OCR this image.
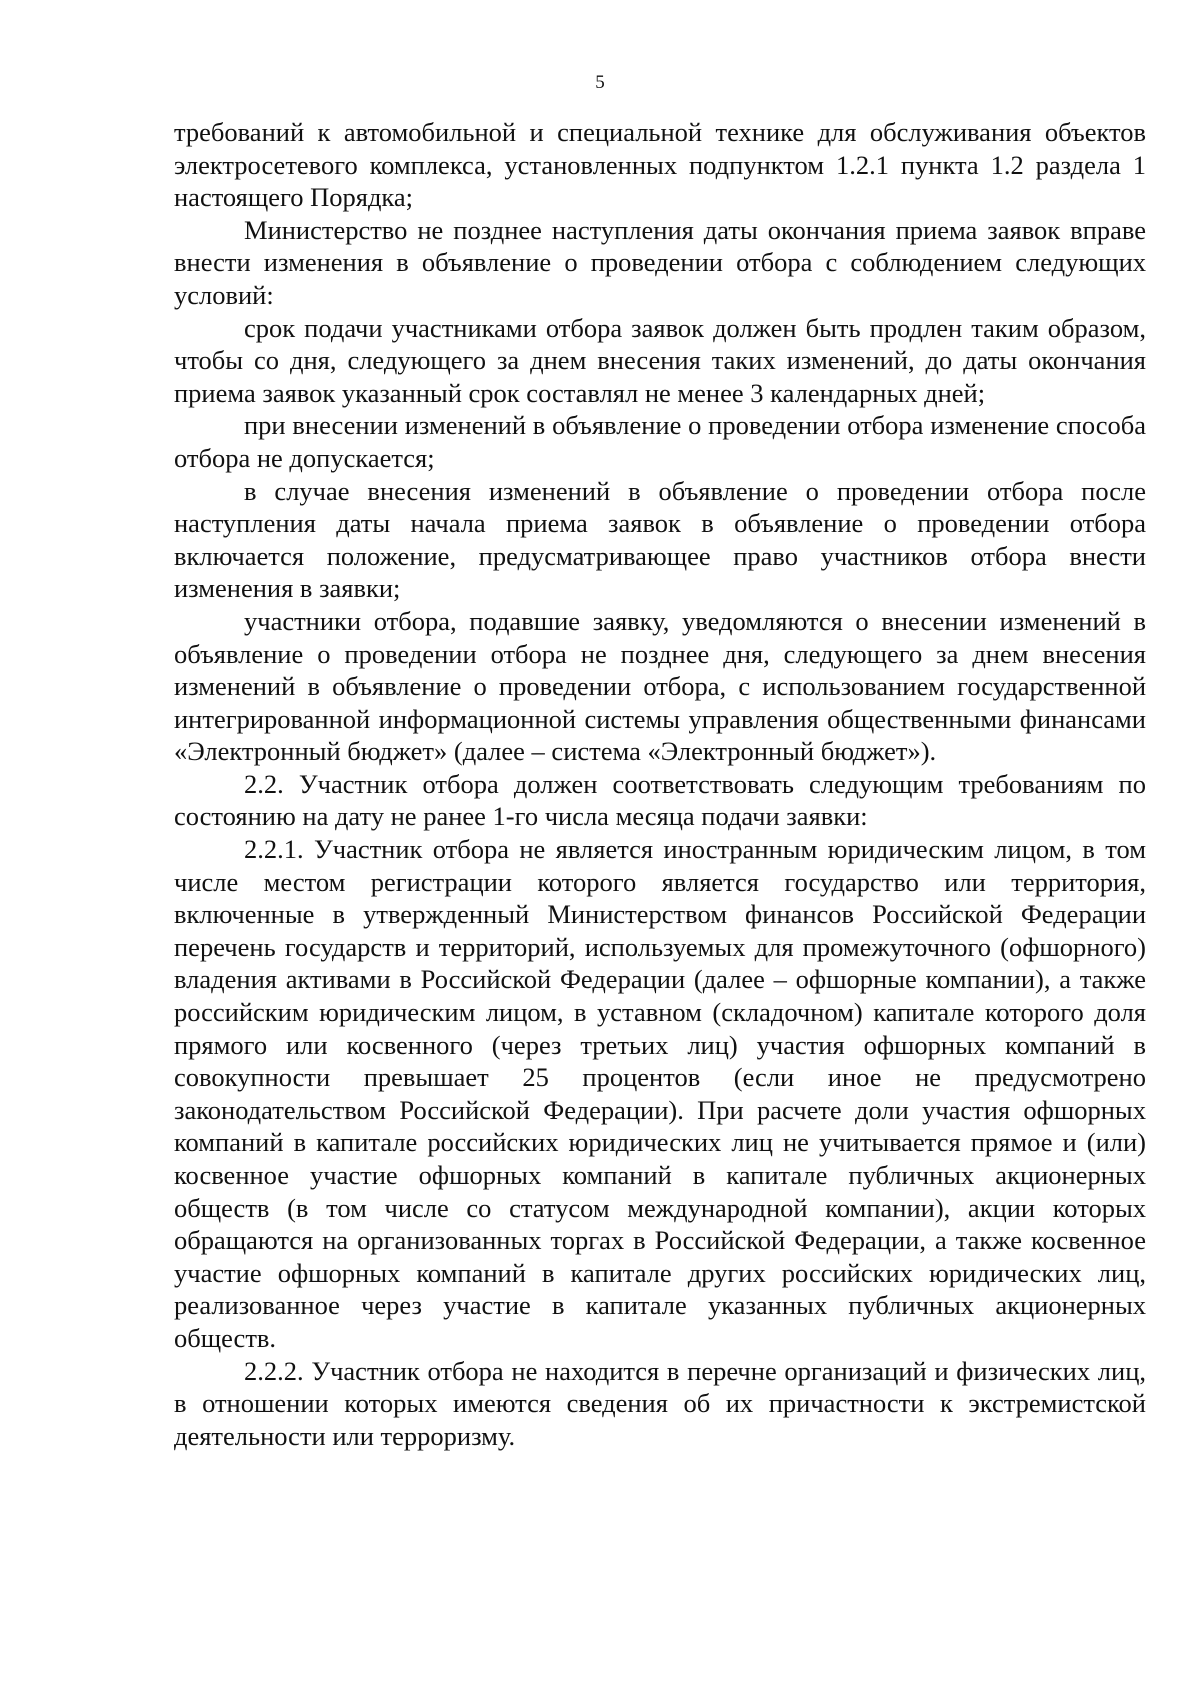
5

требований к автомобильной и специальной технике для обслуживания объектов электросетевого комплекса, установленных подпунктом 1.2.1 пункта 1.2 раздела 1 настоящего Порядка;

Министерство не позднее наступления даты окончания приема заявок вправе внести изменения в объявление о проведении отбора с соблюдением следующих условий:

срок подачи участниками отбора заявок должен быть продлен таким образом, чтобы со дня, следующего за днем внесения таких изменений, до даты окончания приема заявок указанный срок составлял не менее 3 календарных дней;

при внесении изменений в объявление о проведении отбора изменение способа отбора не допускается;

в случае внесения изменений в объявление о проведении отбора после наступления даты начала приема заявок в объявление о проведении отбора включается положение, предусматривающее право участников отбора внести изменения в заявки;

участники отбора, подавшие заявку, уведомляются о внесении изменений в объявление о проведении отбора не позднее дня, следующего за днем внесения изменений в объявление о проведении отбора, с использованием государственной интегрированной информационной системы управления общественными финансами «Электронный бюджет» (далее – система «Электронный бюджет»).

2.2. Участник отбора должен соответствовать следующим требованиям по состоянию на дату не ранее 1-го числа месяца подачи заявки:

2.2.1. Участник отбора не является иностранным юридическим лицом, в том числе местом регистрации которого является государство или территория, включенные в утвержденный Министерством финансов Российской Федерации перечень государств и территорий, используемых для промежуточного (офшорного) владения активами в Российской Федерации (далее – офшорные компании), а также российским юридическим лицом, в уставном (складочном) капитале которого доля прямого или косвенного (через третьих лиц) участия офшорных компаний в совокупности превышает 25 процентов (если иное не предусмотрено законодательством Российской Федерации). При расчете доли участия офшорных компаний в капитале российских юридических лиц не учитывается прямое и (или) косвенное участие офшорных компаний в капитале публичных акционерных обществ (в том числе со статусом международной компании), акции которых обращаются на организованных торгах в Российской Федерации, а также косвенное участие офшорных компаний в капитале других российских юридических лиц, реализованное через участие в капитале указанных публичных акционерных обществ.

2.2.2. Участник отбора не находится в перечне организаций и физических лиц, в отношении которых имеются сведения об их причастности к экстремистской деятельности или терроризму.
